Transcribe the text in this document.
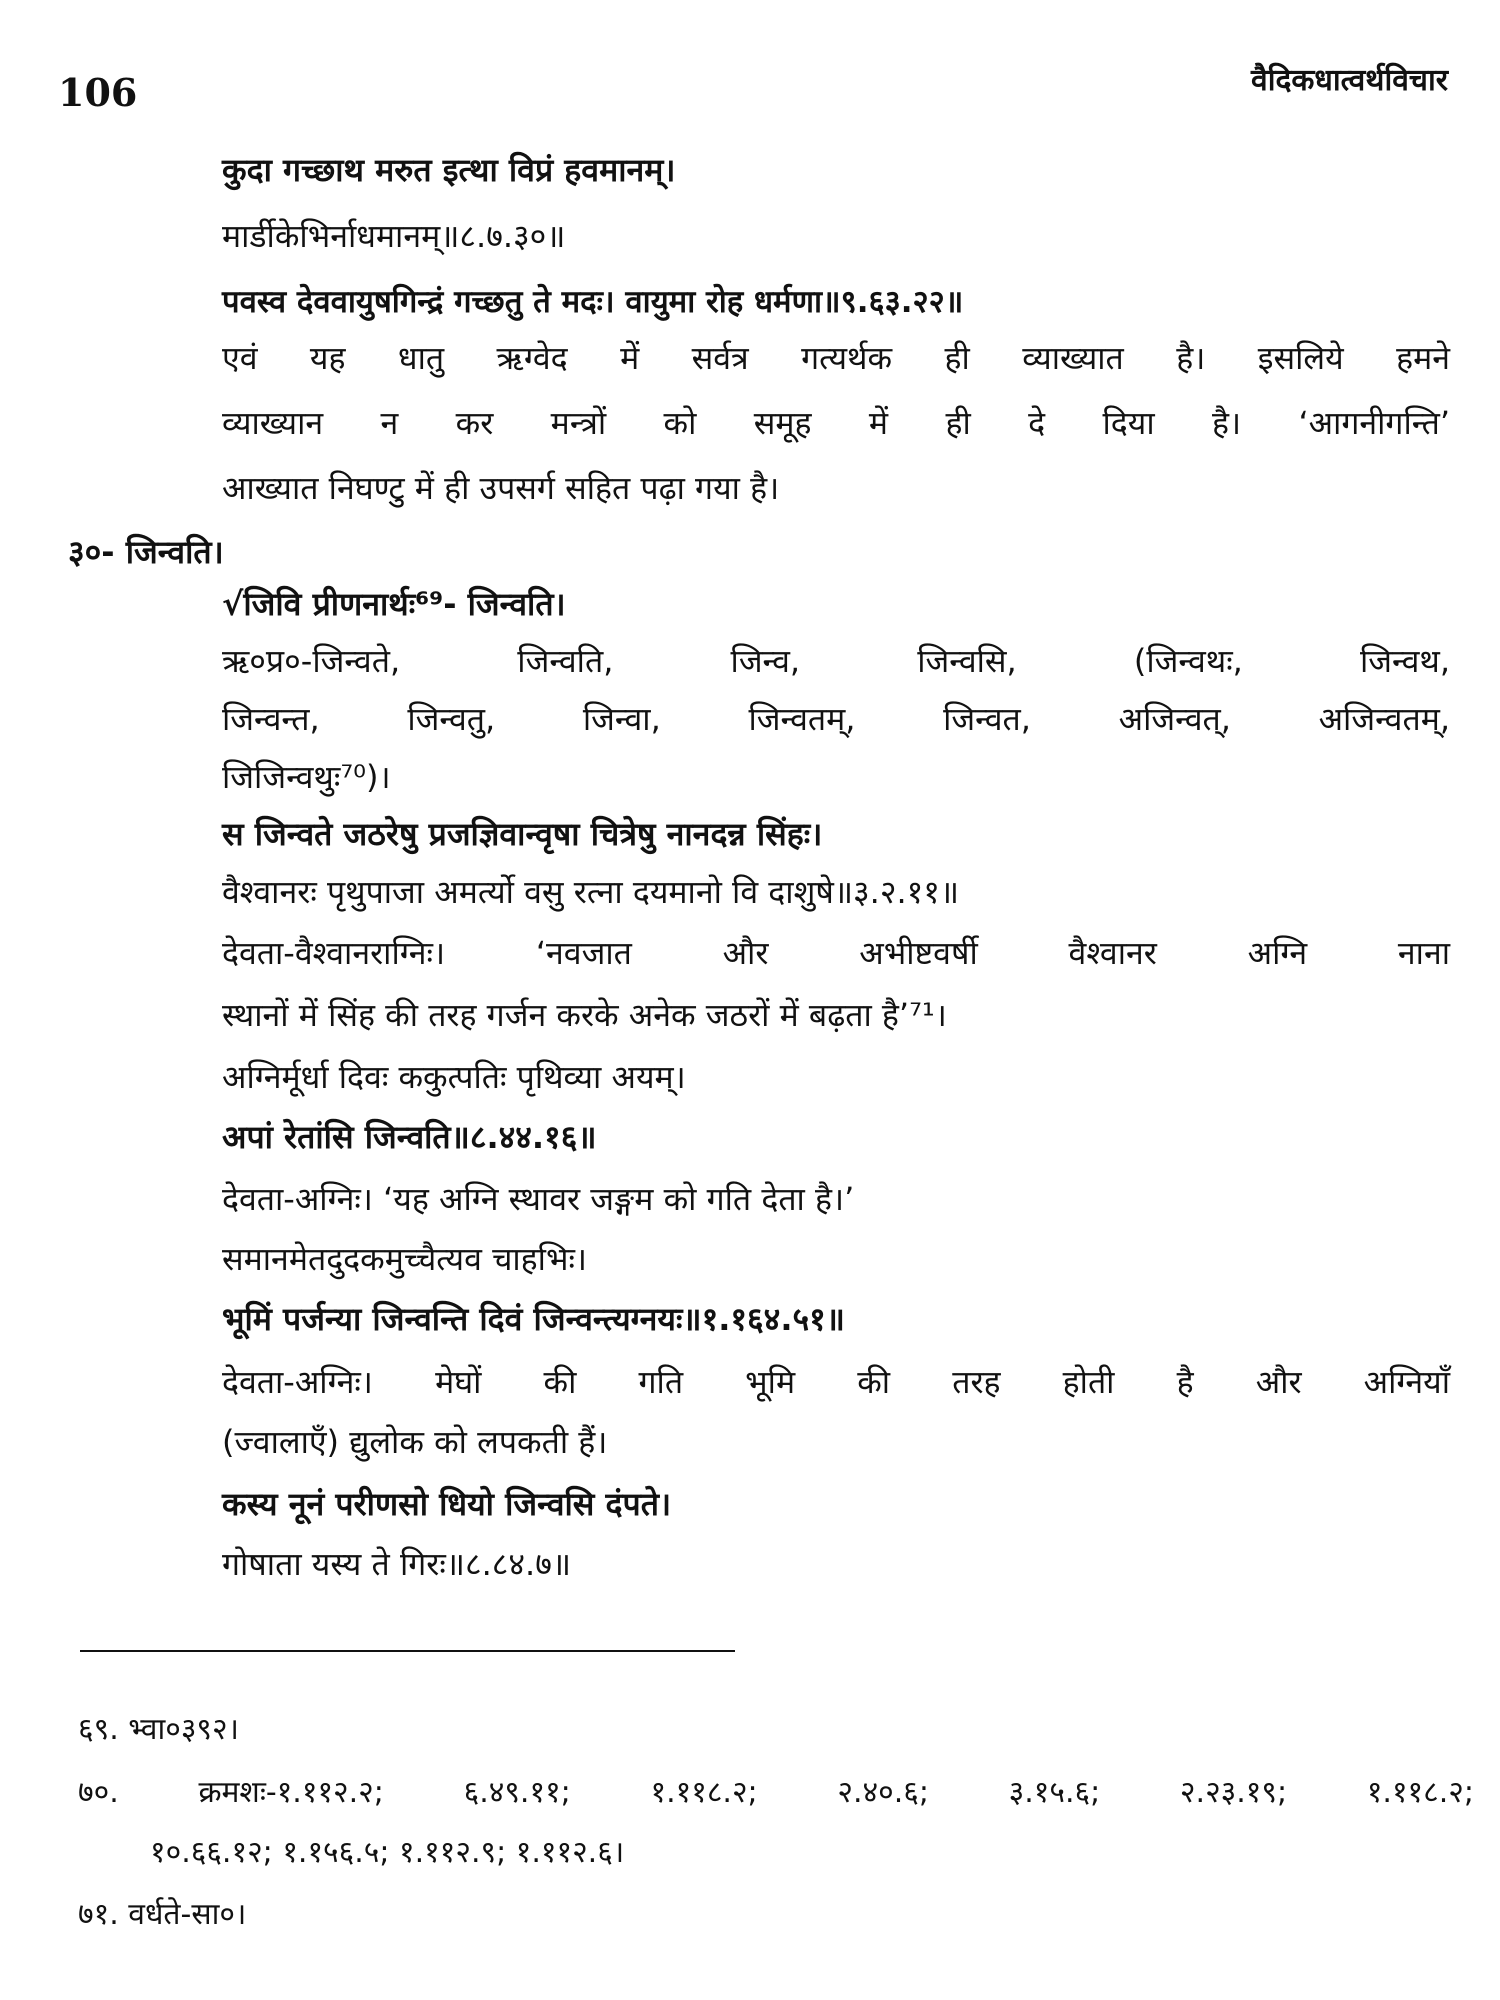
106	वैदिकधात्वर्थविचार
कुदा गच्छाथ मरुत इत्था विप्रं हवमानम्।
मार्डीकेभिर्नाधमानम्॥८.७.३०॥
पवस्व देववायुषगिन्द्रं गच्छतु ते मदः। वायुमा रोह धर्मणा॥९.६३.२२॥
एवं यह धातु ऋग्वेद में सर्वत्र गत्यर्थक ही व्याख्यात है। इसलिये हमने
व्याख्यान न कर मन्त्रों को समूह में ही दे दिया है। ‘आगनीगन्ति’
आख्यात निघण्टु में ही उपसर्ग सहित पढ़ा गया है।
३०- जिन्वति।
√जिवि प्रीणनार्थः⁶⁹- जिन्वति।
ऋ०प्र०-जिन्वते, जिन्वति, जिन्व, जिन्वसि, (जिन्वथः, जिन्वथ,
जिन्वन्त, जिन्वतु, जिन्वा, जिन्वतम्, जिन्वत, अजिन्वत्, अजिन्वतम्,
जिजिन्वथुः⁷⁰)।
स जिन्वते जठरेषु प्रजज्ञिवान्वृषा चित्रेषु नानदन्न सिंहः।
वैश्वानरः पृथुपाजा अमर्त्यो वसु रत्ना दयमानो वि दाशुषे॥३.२.११॥
देवता-वैश्वानराग्निः। ‘नवजात और अभीष्टवर्षी वैश्वानर अग्नि नाना
स्थानों में सिंह की तरह गर्जन करके अनेक जठरों में बढ़ता है’⁷¹।
अग्निर्मूर्धा दिवः ककुत्पतिः पृथिव्या अयम्।
अपां रेतांसि जिन्वति॥८.४४.१६॥
देवता-अग्निः। ‘यह अग्नि स्थावर जङ्गम को गति देता है।’
समानमेतदुदकमुच्चैत्यव चाहभिः।
भूमिं पर्जन्या जिन्वन्ति दिवं जिन्वन्त्यग्नयः॥१.१६४.५१॥
देवता-अग्निः। मेघों की गति भूमि की तरह होती है और अग्नियाँ
(ज्वालाएँ) द्युलोक को लपकती हैं।
कस्य नूनं परीणसो धियो जिन्वसि दंपते।
गोषाता यस्य ते गिरः॥८.८४.७॥
६९. भ्वा०३९२।
७०. क्रमशः-१.११२.२; ६.४९.११; १.११८.२; २.४०.६; ३.१५.६; २.२३.१९; १.११८.२;
१०.६६.१२; १.१५६.५; १.११२.९; १.११२.६।
७१. वर्धते-सा०।
